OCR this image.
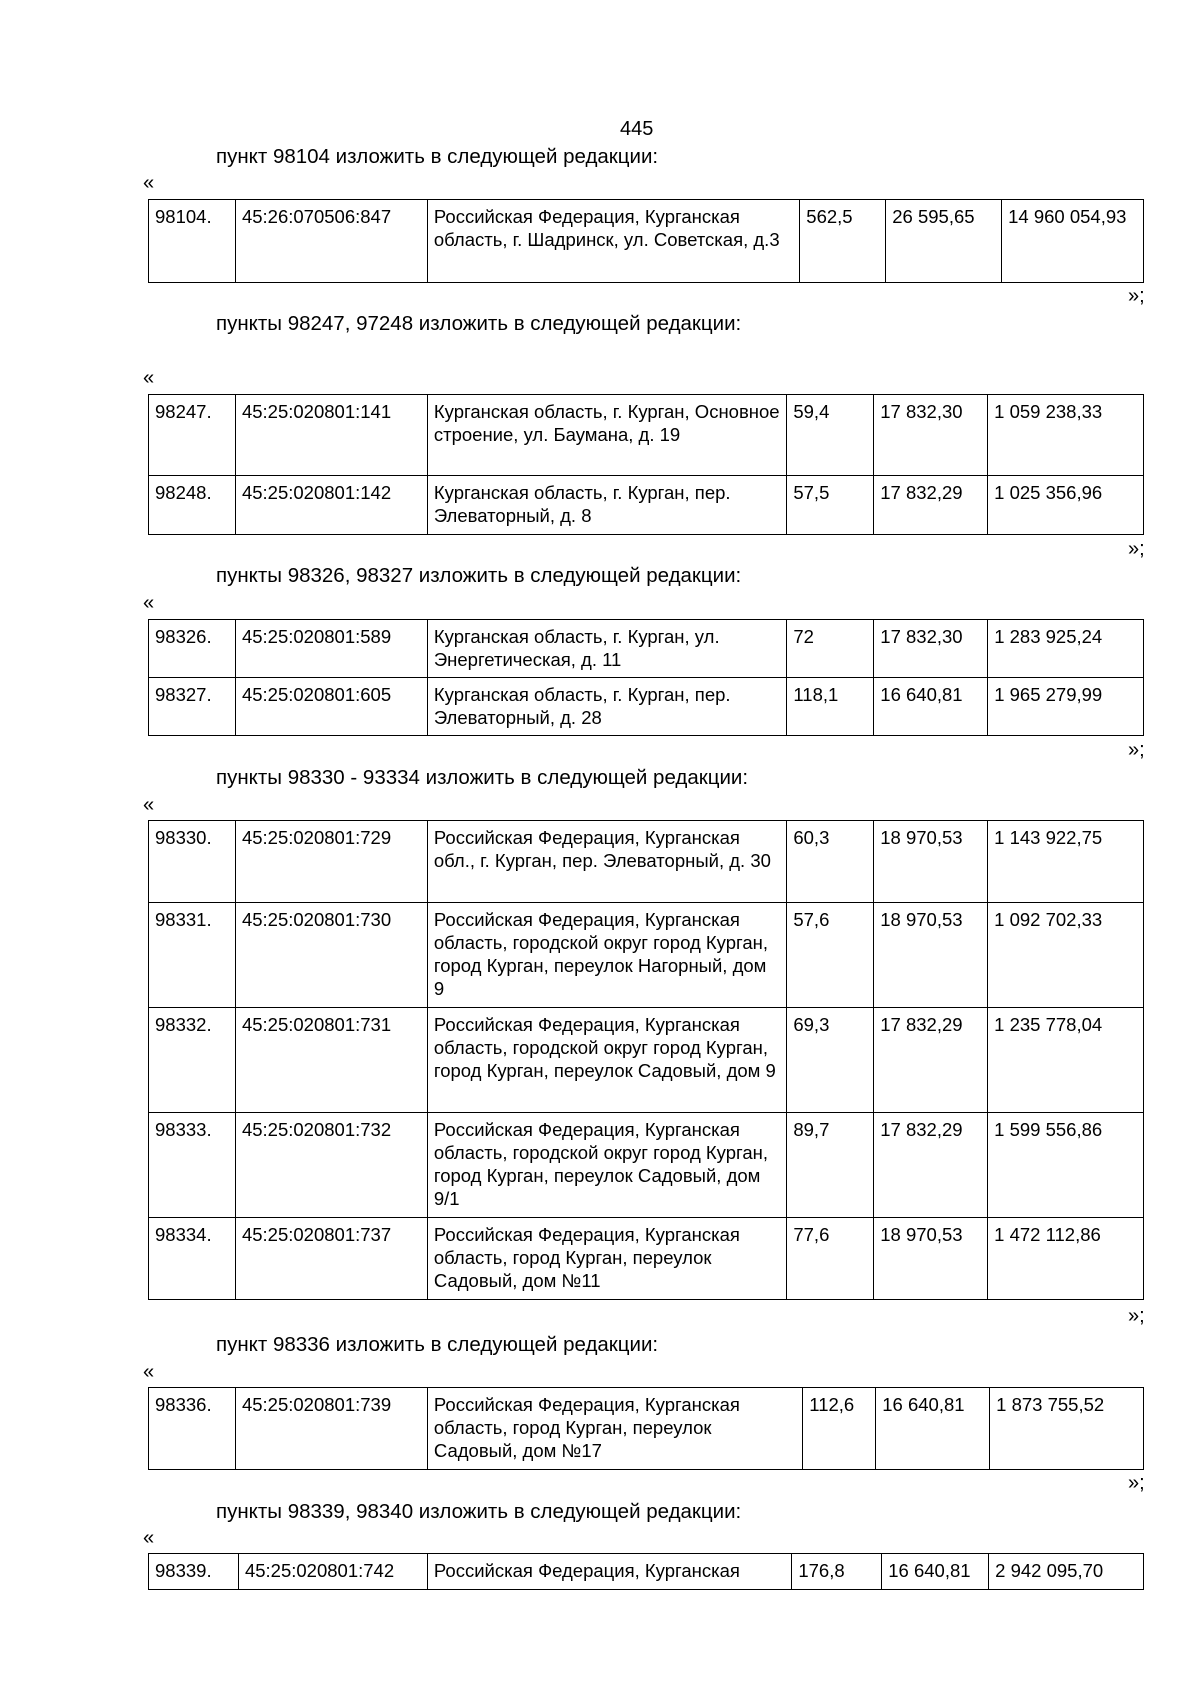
445
пункт 98104 изложить в следующей редакции:
«
98104.	45:26:070506:847	Российская Федерация, Курганская область, г. Шадринск, ул. Советская, д.3	562,5	26 595,65	14 960 054,93
»;
пункты 98247, 97248 изложить в следующей редакции:
«
98247.	45:25:020801:141	Курганская область, г. Курган, Основное строение, ул. Баумана, д. 19	59,4	17 832,30	1 059 238,33
98248.	45:25:020801:142	Курганская область, г. Курган, пер. Элеваторный, д. 8	57,5	17 832,29	1 025 356,96
»;
пункты 98326, 98327 изложить в следующей редакции:
«
98326.	45:25:020801:589	Курганская область, г. Курган, ул. Энергетическая, д. 11	72	17 832,30	1 283 925,24
98327.	45:25:020801:605	Курганская область, г. Курган, пер. Элеваторный, д. 28	118,1	16 640,81	1 965 279,99
»;
пункты 98330 - 93334 изложить в следующей редакции:
«
98330.	45:25:020801:729	Российская Федерация, Курганская обл., г. Курган, пер. Элеваторный, д. 30	60,3	18 970,53	1 143 922,75
98331.	45:25:020801:730	Российская Федерация, Курганская область, городской округ город Курган, город Курган, переулок Нагорный, дом 9	57,6	18 970,53	1 092 702,33
98332.	45:25:020801:731	Российская Федерация, Курганская область, городской округ город Курган, город Курган, переулок Садовый, дом 9	69,3	17 832,29	1 235 778,04
98333.	45:25:020801:732	Российская Федерация, Курганская область, городской округ город Курган, город Курган, переулок Садовый, дом 9/1	89,7	17 832,29	1 599 556,86
98334.	45:25:020801:737	Российская Федерация, Курганская область, город Курган, переулок Садовый, дом №11	77,6	18 970,53	1 472 112,86
»;
пункт 98336 изложить в следующей редакции:
«
98336.	45:25:020801:739	Российская Федерация, Курганская область, город Курган, переулок Садовый, дом №17	112,6	16 640,81	1 873 755,52
»;
пункты 98339, 98340 изложить в следующей редакции:
«
98339.	45:25:020801:742	Российская Федерация, Курганская	176,8	16 640,81	2 942 095,70
